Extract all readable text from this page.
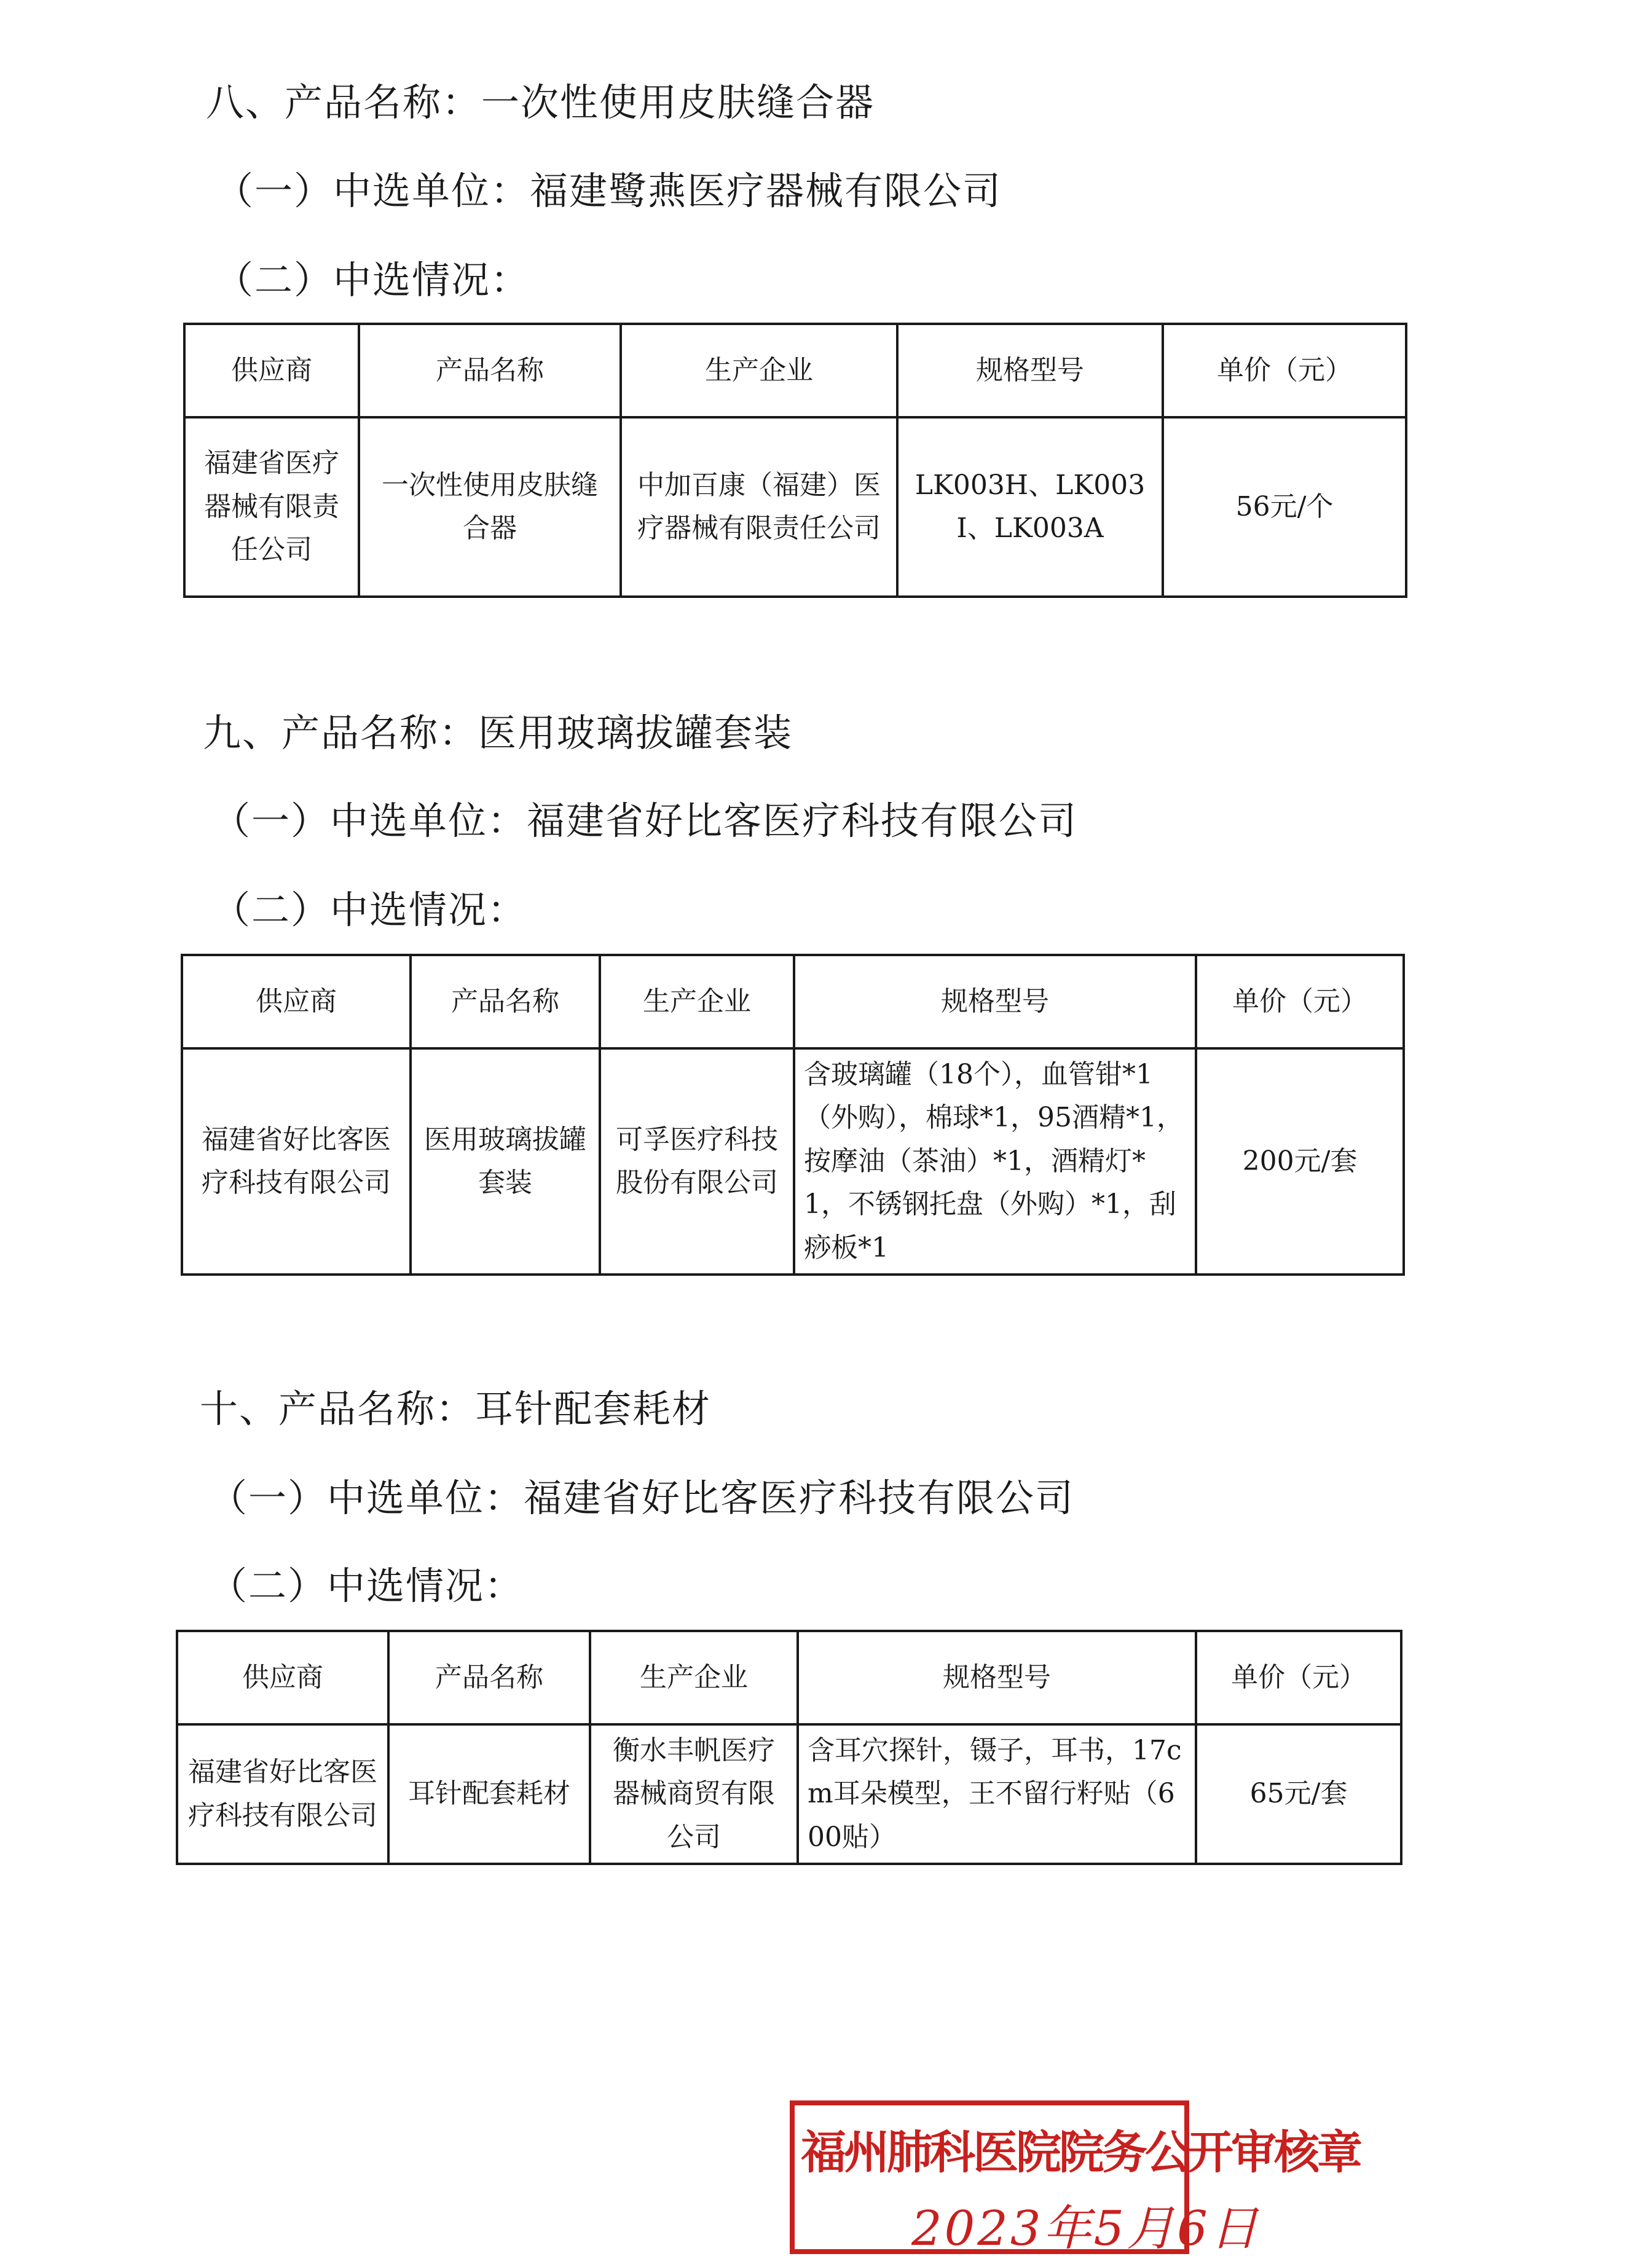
八、产品名称：一次性使用皮肤缝合器
（一）中选单位：福建鹭燕医疗器械有限公司
（二）中选情况：
供应商	产品名称	生产企业	规格型号	单价（元）
福建省医疗器械有限责任公司	一次性使用皮肤缝合器	中加百康（福建）医疗器械有限责任公司	LK003H、LK003I、LK003A	56元/个
九、产品名称：医用玻璃拔罐套装
（一）中选单位：福建省好比客医疗科技有限公司
（二）中选情况：
供应商	产品名称	生产企业	规格型号	单价（元）
福建省好比客医疗科技有限公司	医用玻璃拔罐套装	可孚医疗科技股份有限公司	含玻璃罐（18个），血管钳*1（外购），棉球*1，95酒精*1，按摩油（茶油）*1，酒精灯*1，不锈钢托盘（外购）*1，刮痧板*1	200元/套
十、产品名称：耳针配套耗材
（一）中选单位：福建省好比客医疗科技有限公司
（二）中选情况：
供应商	产品名称	生产企业	规格型号	单价（元）
福建省好比客医疗科技有限公司	耳针配套耗材	衡水丰帆医疗器械商贸有限公司	含耳穴探针，镊子，耳书，17cm耳朵模型，王不留行籽贴（600贴）	65元/套
福州肺科医院院务公开审核章
2023年5月6日
